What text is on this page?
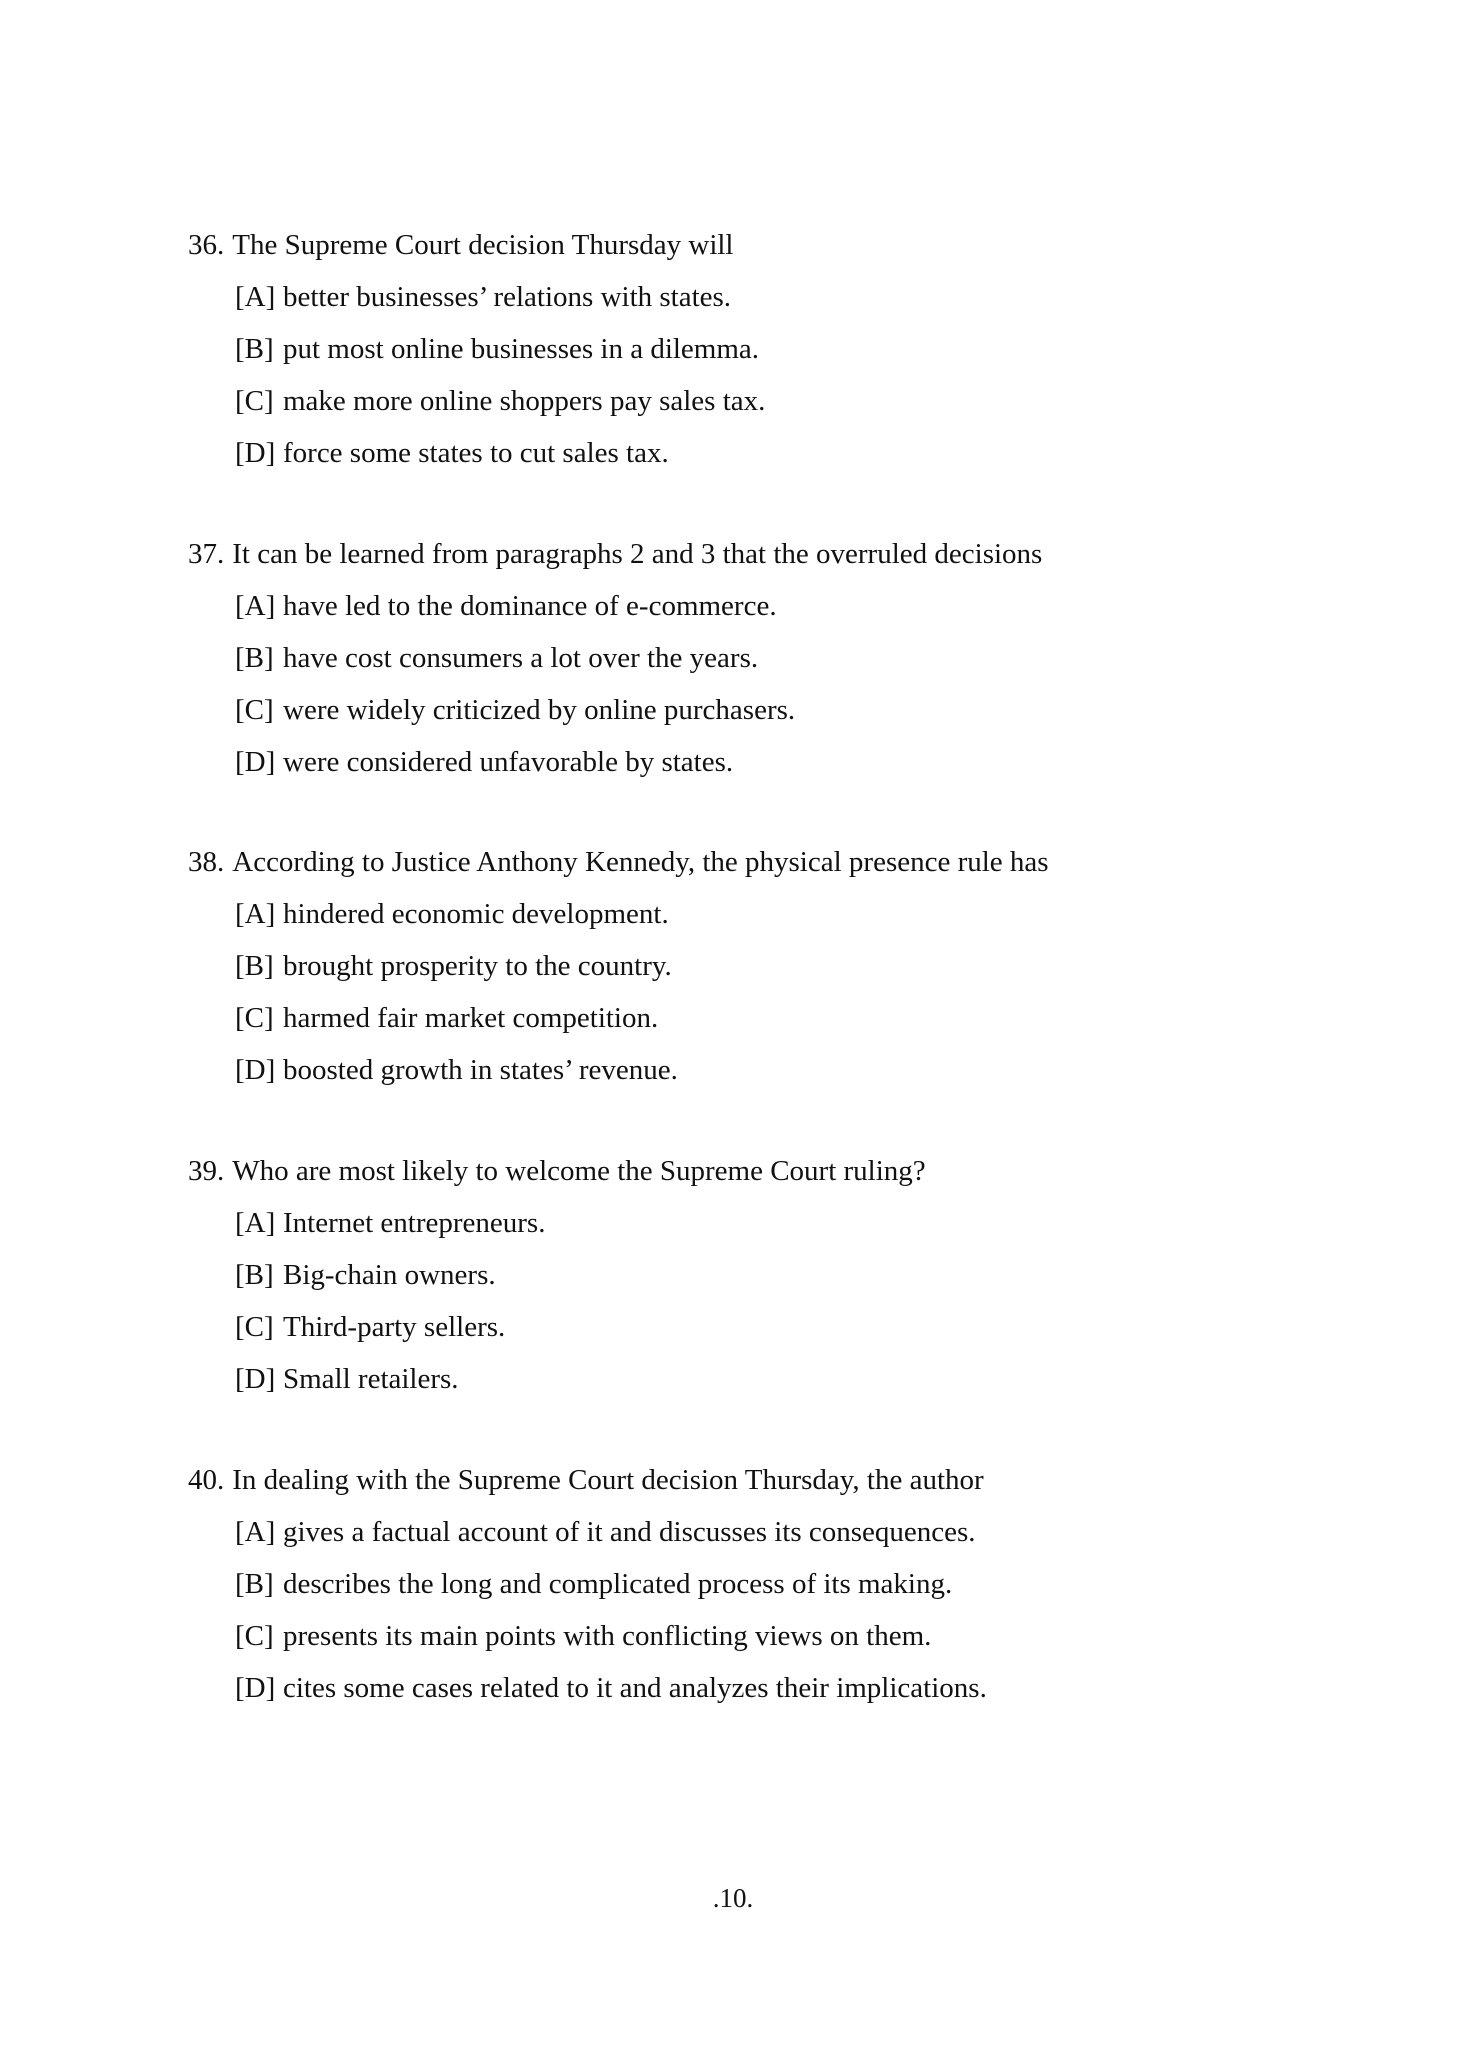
36. The Supreme Court decision Thursday will
[A] better businesses’ relations with states.
[B] put most online businesses in a dilemma.
[C] make more online shoppers pay sales tax.
[D] force some states to cut sales tax.
37. It can be learned from paragraphs 2 and 3 that the overruled decisions
[A] have led to the dominance of e-commerce.
[B] have cost consumers a lot over the years.
[C] were widely criticized by online purchasers.
[D] were considered unfavorable by states.
38. According to Justice Anthony Kennedy, the physical presence rule has
[A] hindered economic development.
[B] brought prosperity to the country.
[C] harmed fair market competition.
[D] boosted growth in states’ revenue.
39. Who are most likely to welcome the Supreme Court ruling?
[A] Internet entrepreneurs.
[B] Big-chain owners.
[C] Third-party sellers.
[D] Small retailers.
40. In dealing with the Supreme Court decision Thursday, the author
[A] gives a factual account of it and discusses its consequences.
[B] describes the long and complicated process of its making.
[C] presents its main points with conflicting views on them.
[D] cites some cases related to it and analyzes their implications.
.10.
